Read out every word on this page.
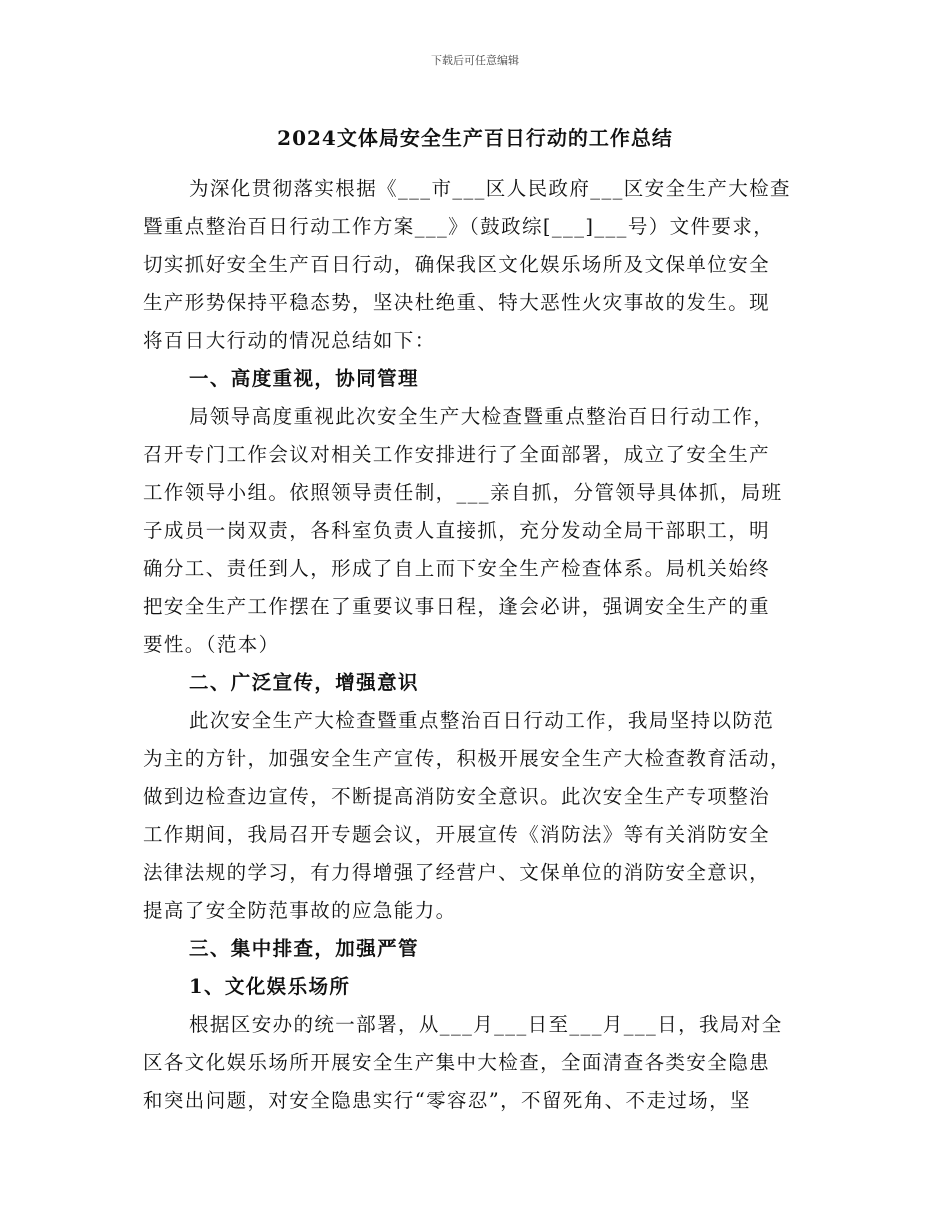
下载后可任意编辑
2024文体局安全生产百日行动的工作总结
为深化贯彻落实根据《___市___区人民政府___区安全生产大检查
暨重点整治百日行动工作方案___》（鼓政综[___]___号）文件要求，
切实抓好安全生产百日行动，确保我区文化娱乐场所及文保单位安全
生产形势保持平稳态势，坚决杜绝重、特大恶性火灾事故的发生。现
将百日大行动的情况总结如下：
一、高度重视，协同管理
局领导高度重视此次安全生产大检查暨重点整治百日行动工作，
召开专门工作会议对相关工作安排进行了全面部署，成立了安全生产
工作领导小组。依照领导责任制，___亲自抓，分管领导具体抓，局班
子成员一岗双责，各科室负责人直接抓，充分发动全局干部职工，明
确分工、责任到人，形成了自上而下安全生产检查体系。局机关始终
把安全生产工作摆在了重要议事日程，逢会必讲，强调安全生产的重
要性。（范本）
二、广泛宣传，增强意识
此次安全生产大检查暨重点整治百日行动工作，我局坚持以防范
为主的方针，加强安全生产宣传，积极开展安全生产大检查教育活动，
做到边检查边宣传，不断提高消防安全意识。此次安全生产专项整治
工作期间，我局召开专题会议，开展宣传《消防法》等有关消防安全
法律法规的学习，有力得增强了经营户、文保单位的消防安全意识，
提高了安全防范事故的应急能力。
三、集中排查，加强严管
1、文化娱乐场所
根据区安办的统一部署，从___月___日至___月___日，我局对全
区各文化娱乐场所开展安全生产集中大检查，全面清查各类安全隐患
和突出问题，对安全隐患实行“零容忍”，不留死角、不走过场，坚
